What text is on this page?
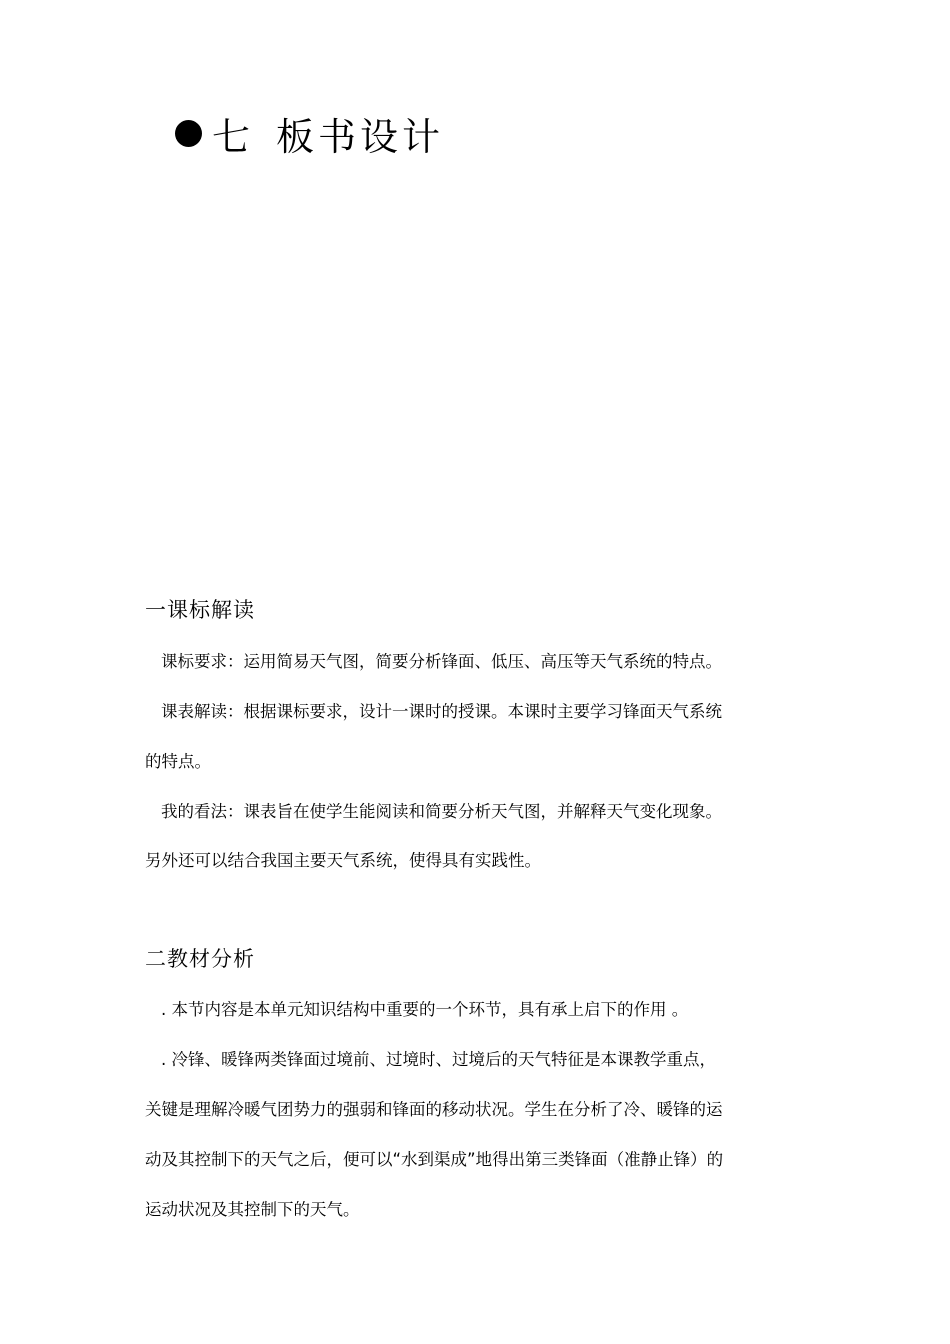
七 板书设计
一课标解读
课标要求：运用简易天气图，简要分析锋面、低压、高压等天气系统的特点。
课表解读：根据课标要求，设计一课时的授课。本课时主要学习锋面天气系统
的特点。
我的看法：课表旨在使学生能阅读和简要分析天气图，并解释天气变化现象。
另外还可以结合我国主要天气系统，使得具有实践性。
二教材分析
. 本节内容是本单元知识结构中重要的一个环节，具有承上启下的作用 。
. 冷锋、暖锋两类锋面过境前、过境时、过境后的天气特征是本课教学重点，
关键是理解冷暖气团势力的强弱和锋面的移动状况。学生在分析了冷、暖锋的运
动及其控制下的天气之后，便可以“水到渠成”地得出第三类锋面（准静止锋）的
运动状况及其控制下的天气。
